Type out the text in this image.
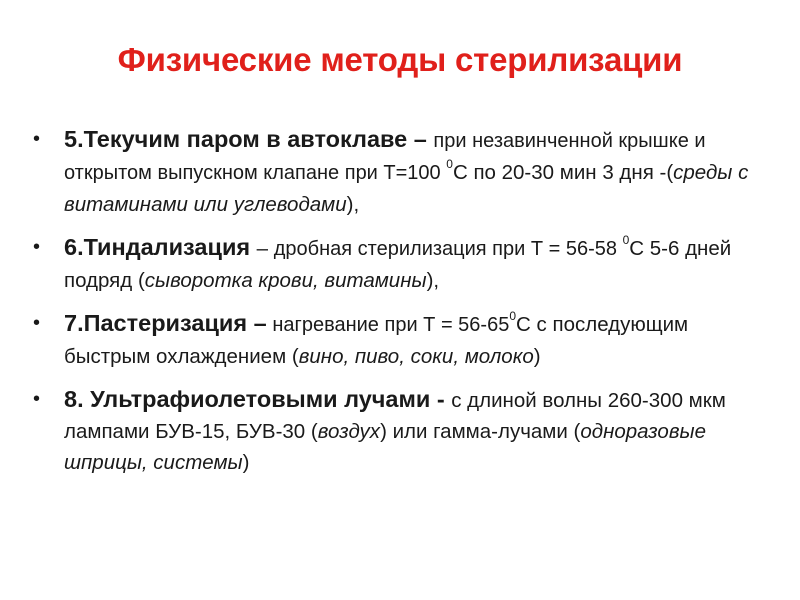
Физические методы стерилизации
• 5.Текучим паром в автоклаве – при незавинченной крышке и открытом выпускном клапане при Т=100 $^0$С по 20-30 мин 3 дня -(среды с витаминами или углеводами),
• 6.Тиндализация – дробная стерилизация при Т = 56-58 $^0$С 5-6 дней подряд (сыворотка крови, витамины),
• 7.Пастеризация – нагревание при $Т = 56-65^0С$ с последующим быстрым охлаждением (вино, пиво, соки, молоко)
• 8. Ультрафиолетовыми лучами - с длиной волны 260-300 мкм лампами БУВ-15, БУВ-30 (воздух) или гамма-лучами (одноразовые шприцы, системы)
